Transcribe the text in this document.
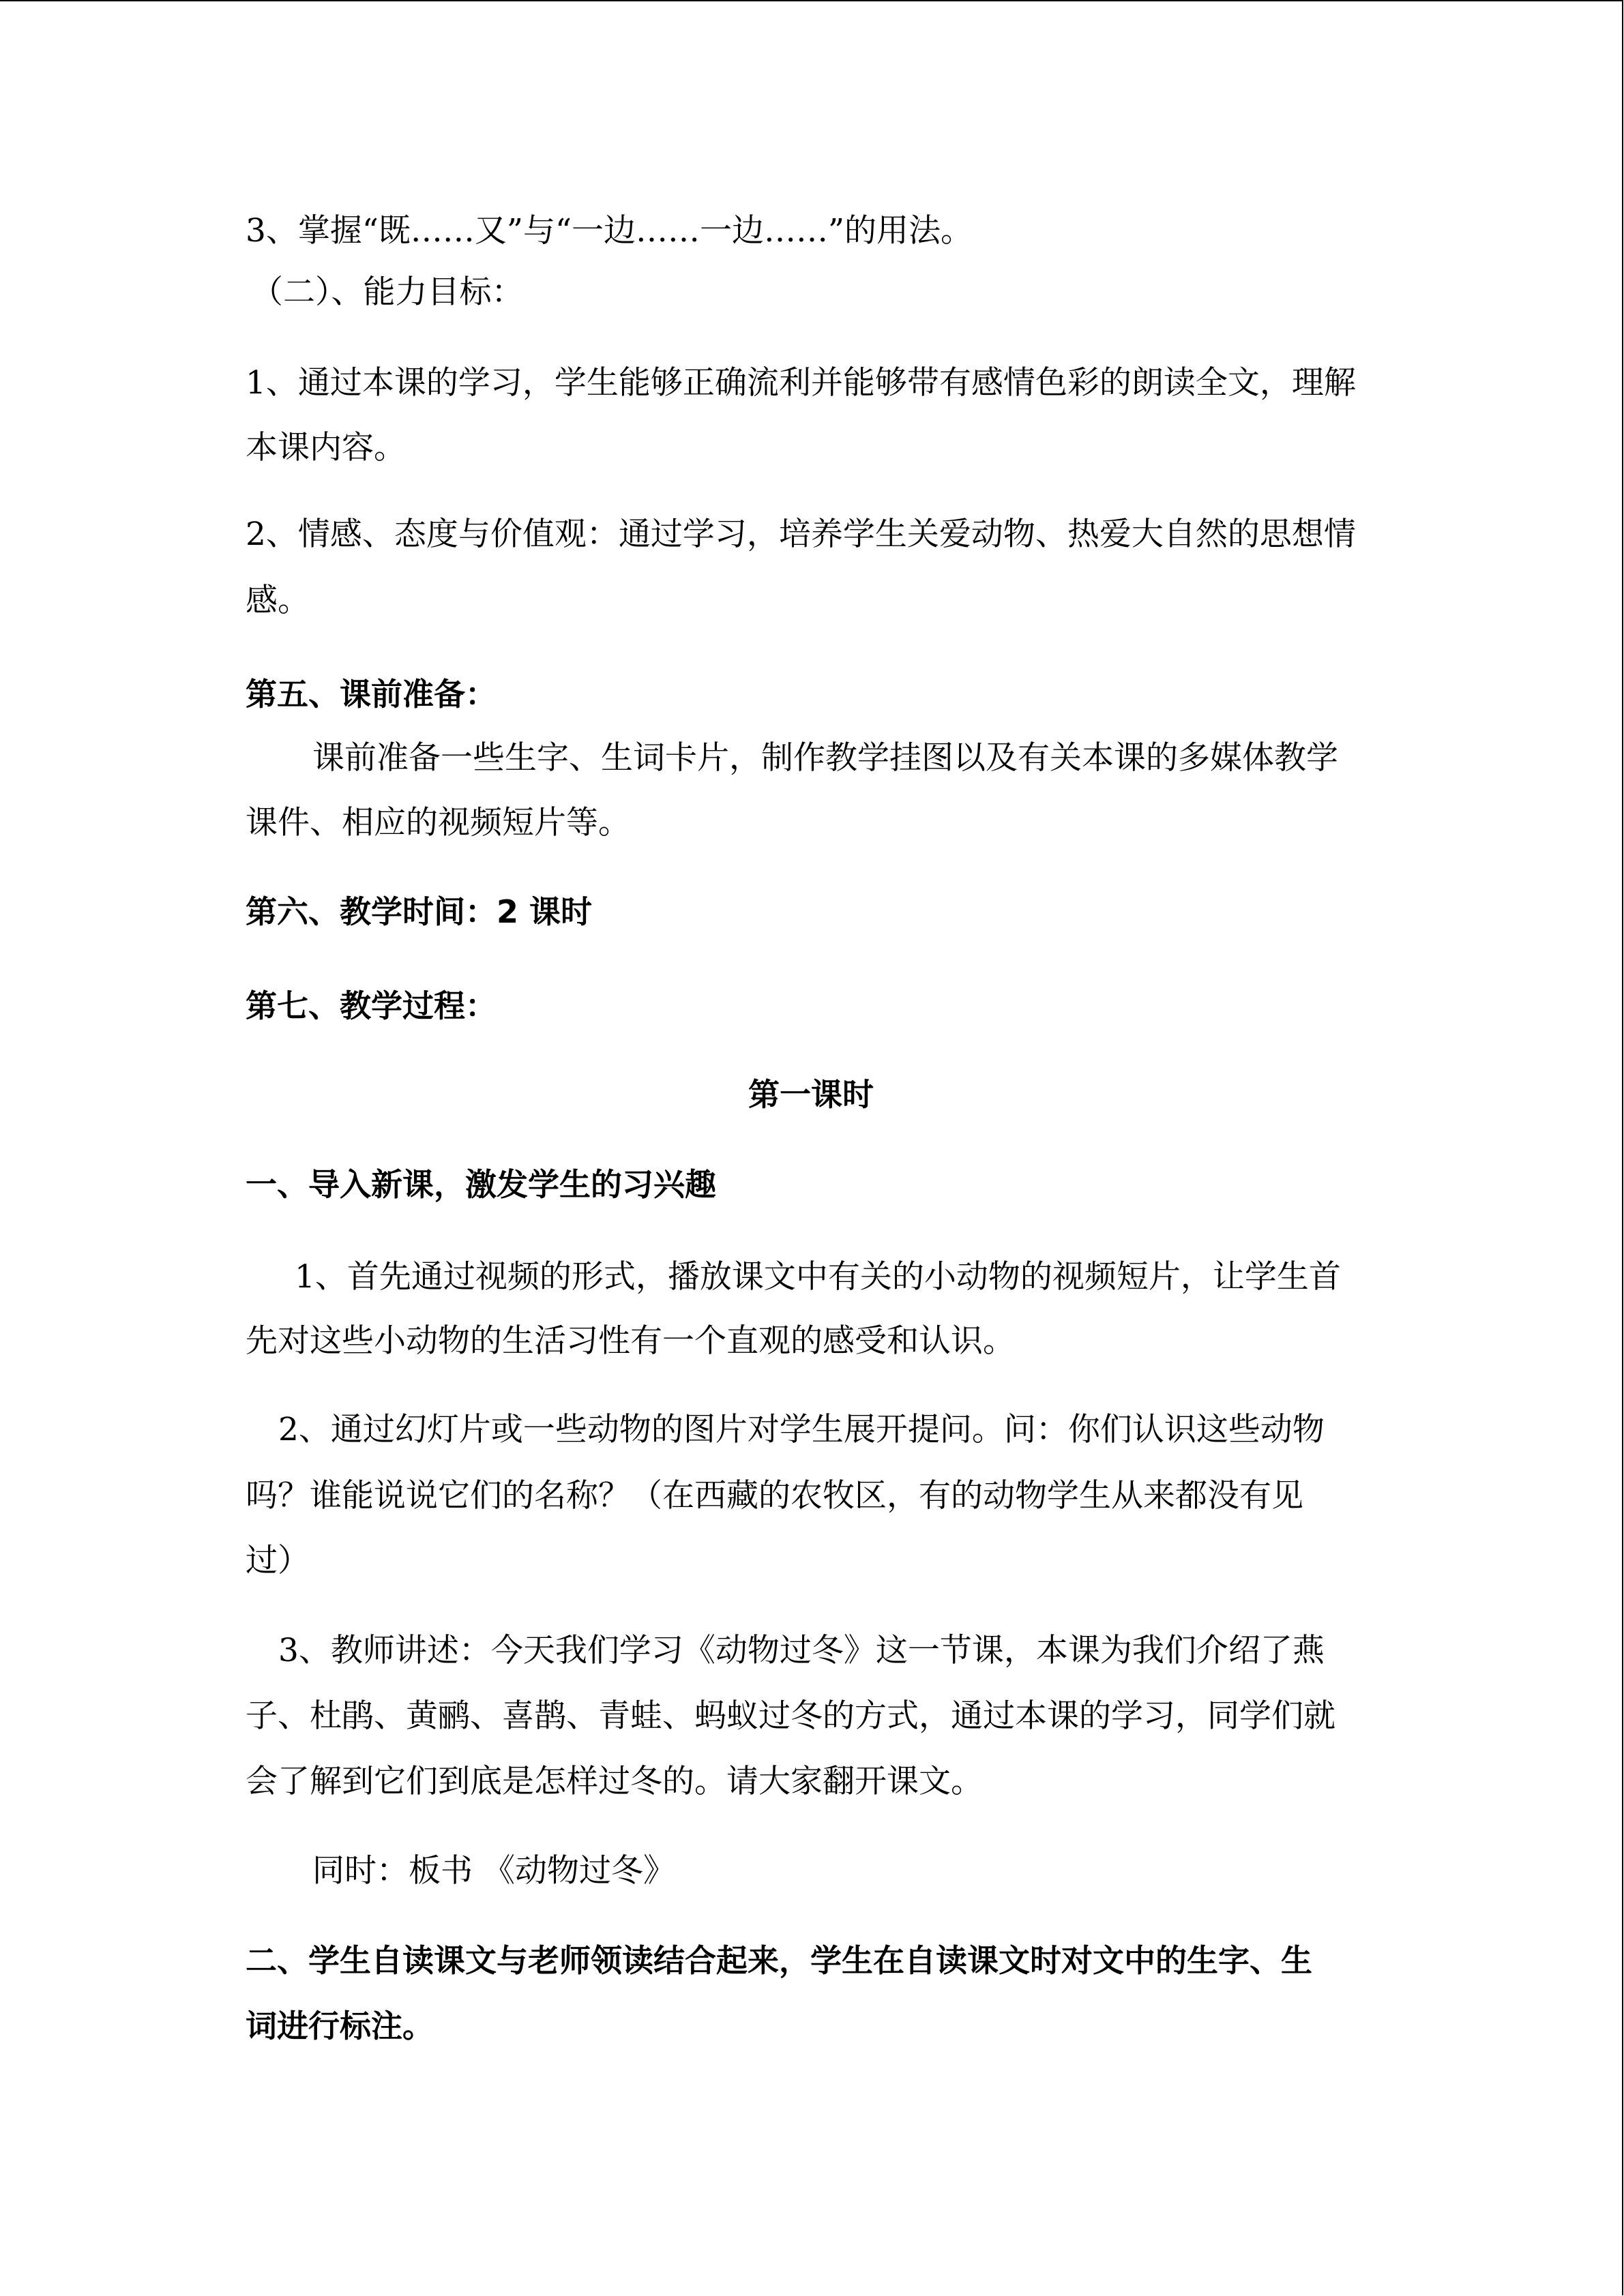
3、掌握“既……又”与“一边……一边……”的用法。
（二）、能力目标：
1、通过本课的学习，学生能够正确流利并能够带有感情色彩的朗读全文，理解
本课内容。
2、情感、态度与价值观：通过学习，培养学生关爱动物、热爱大自然的思想情
感。
第五、课前准备：
课前准备一些生字、生词卡片，制作教学挂图以及有关本课的多媒体教学
课件、相应的视频短片等。
第六、教学时间：2 课时
第七、教学过程：
第一课时
一、导入新课，激发学生的习兴趣
1、首先通过视频的形式，播放课文中有关的小动物的视频短片，让学生首
先对这些小动物的生活习性有一个直观的感受和认识。
2、通过幻灯片或一些动物的图片对学生展开提问。问：你们认识这些动物
吗？谁能说说它们的名称？（在西藏的农牧区，有的动物学生从来都没有见
过）
3、教师讲述：今天我们学习《动物过冬》这一节课，本课为我们介绍了燕
子、杜鹃、黄鹂、喜鹊、青蛙、蚂蚁过冬的方式，通过本课的学习，同学们就
会了解到它们到底是怎样过冬的。请大家翻开课文。
同时：板书 《动物过冬》
二、学生自读课文与老师领读结合起来，学生在自读课文时对文中的生字、生
词进行标注。
